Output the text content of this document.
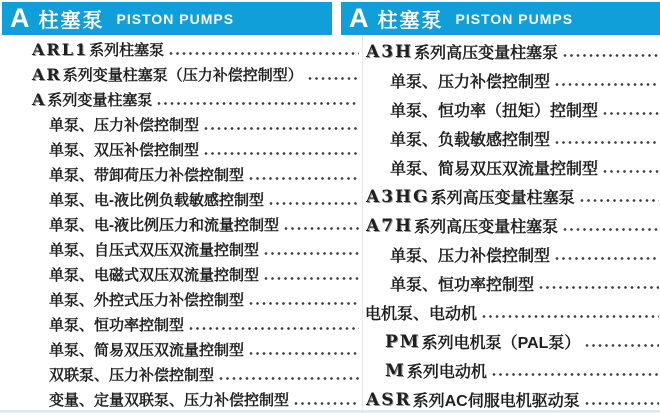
A 柱塞泵 PISTON PUMPS	A 柱塞泵 PISTON PUMPS
ARL1 系列柱塞泵
AR 系列变量柱塞泵（压力补偿控制型）
A 系列变量柱塞泵
单泵、压力补偿控制型
单泵、双压补偿控制型
单泵、带卸荷压力补偿控制型
单泵、电-液比例负载敏感控制型
单泵、电-液比例压力和流量控制型
单泵、自压式双压双流量控制型
单泵、电磁式双压双流量控制型
单泵、外控式压力补偿控制型
单泵、恒功率控制型
单泵、简易双压双流量控制型
双联泵、压力补偿控制型
变量、定量双联泵、压力补偿控制型
A3H 系列高压变量柱塞泵
单泵、压力补偿控制型
单泵、恒功率（扭矩）控制型
单泵、负载敏感控制型
单泵、简易双压双流量控制型
A3HG 系列高压变量柱塞泵
A7H 系列高压变量柱塞泵
单泵、压力补偿控制型
单泵、恒功率控制型
电机泵、电动机
PM 系列电机泵（PAL泵）
M 系列电动机
ASR 系列AC伺服电机驱动泵
